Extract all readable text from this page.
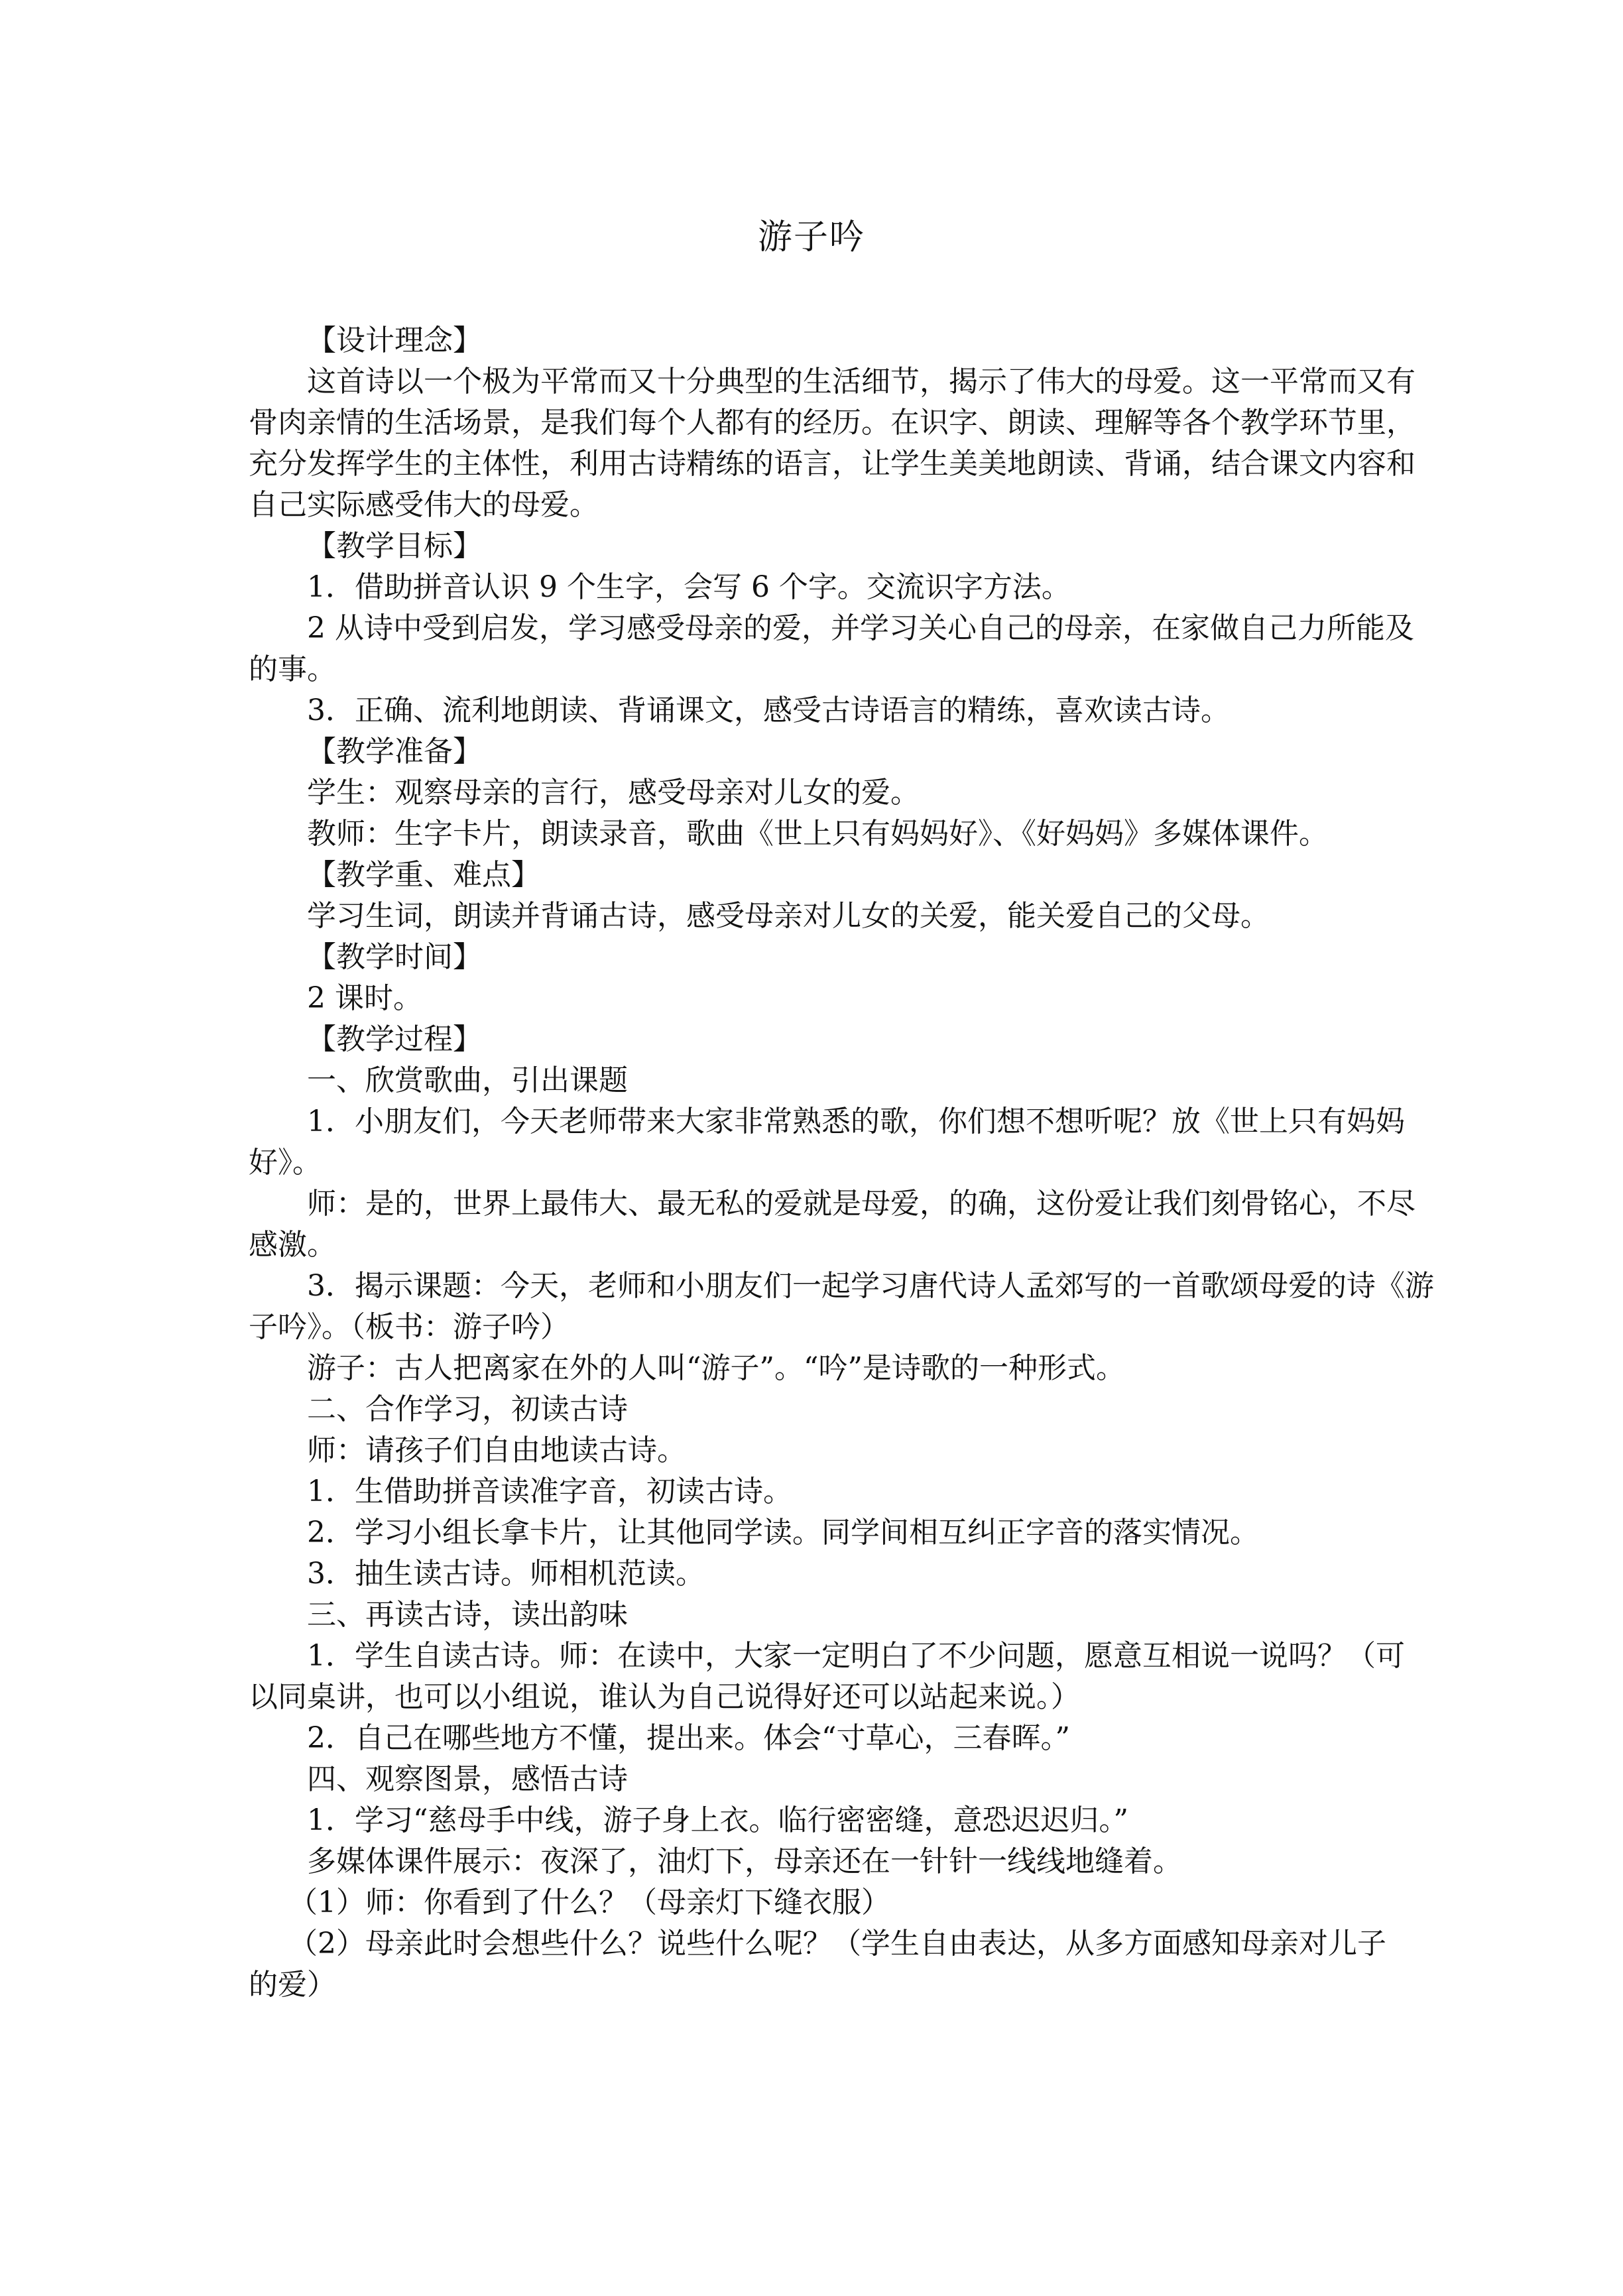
游子吟
【设计理念】
这首诗以一个极为平常而又十分典型的生活细节，揭示了伟大的母爱。这一平常而又有
骨肉亲情的生活场景，是我们每个人都有的经历。在识字、朗读、理解等各个教学环节里，
充分发挥学生的主体性，利用古诗精练的语言，让学生美美地朗读、背诵，结合课文内容和
自己实际感受伟大的母爱。
【教学目标】
1．借助拼音认识 9 个生字，会写 6 个字。交流识字方法。
2 从诗中受到启发，学习感受母亲的爱，并学习关心自己的母亲，在家做自己力所能及
的事。
3．正确、流利地朗读、背诵课文，感受古诗语言的精练，喜欢读古诗。
【教学准备】
学生：观察母亲的言行，感受母亲对儿女的爱。
教师：生字卡片，朗读录音，歌曲《世上只有妈妈好》、《好妈妈》多媒体课件。
【教学重、难点】
学习生词，朗读并背诵古诗，感受母亲对儿女的关爱，能关爱自己的父母。
【教学时间】
2 课时。
【教学过程】
一、欣赏歌曲，引出课题
1．小朋友们，今天老师带来大家非常熟悉的歌，你们想不想听呢？放《世上只有妈妈
好》。
师：是的，世界上最伟大、最无私的爱就是母爱，的确，这份爱让我们刻骨铭心，不尽
感激。
3．揭示课题：今天，老师和小朋友们一起学习唐代诗人孟郊写的一首歌颂母爱的诗《游
子吟》。（板书：游子吟）
游子：古人把离家在外的人叫“游子”。“吟”是诗歌的一种形式。
二、合作学习，初读古诗
师：请孩子们自由地读古诗。
1．生借助拼音读准字音，初读古诗。
2．学习小组长拿卡片，让其他同学读。同学间相互纠正字音的落实情况。
3．抽生读古诗。师相机范读。
三、再读古诗，读出韵味
1．学生自读古诗。师：在读中，大家一定明白了不少问题，愿意互相说一说吗？（可
以同桌讲，也可以小组说，谁认为自己说得好还可以站起来说。）
2．自己在哪些地方不懂，提出来。体会“寸草心，三春晖。”
四、观察图景，感悟古诗
1．学习“慈母手中线，游子身上衣。临行密密缝，意恐迟迟归。”
多媒体课件展示：夜深了，油灯下，母亲还在一针针一线线地缝着。
（1）师：你看到了什么？（母亲灯下缝衣服）
（2）母亲此时会想些什么？说些什么呢？（学生自由表达，从多方面感知母亲对儿子
的爱）
